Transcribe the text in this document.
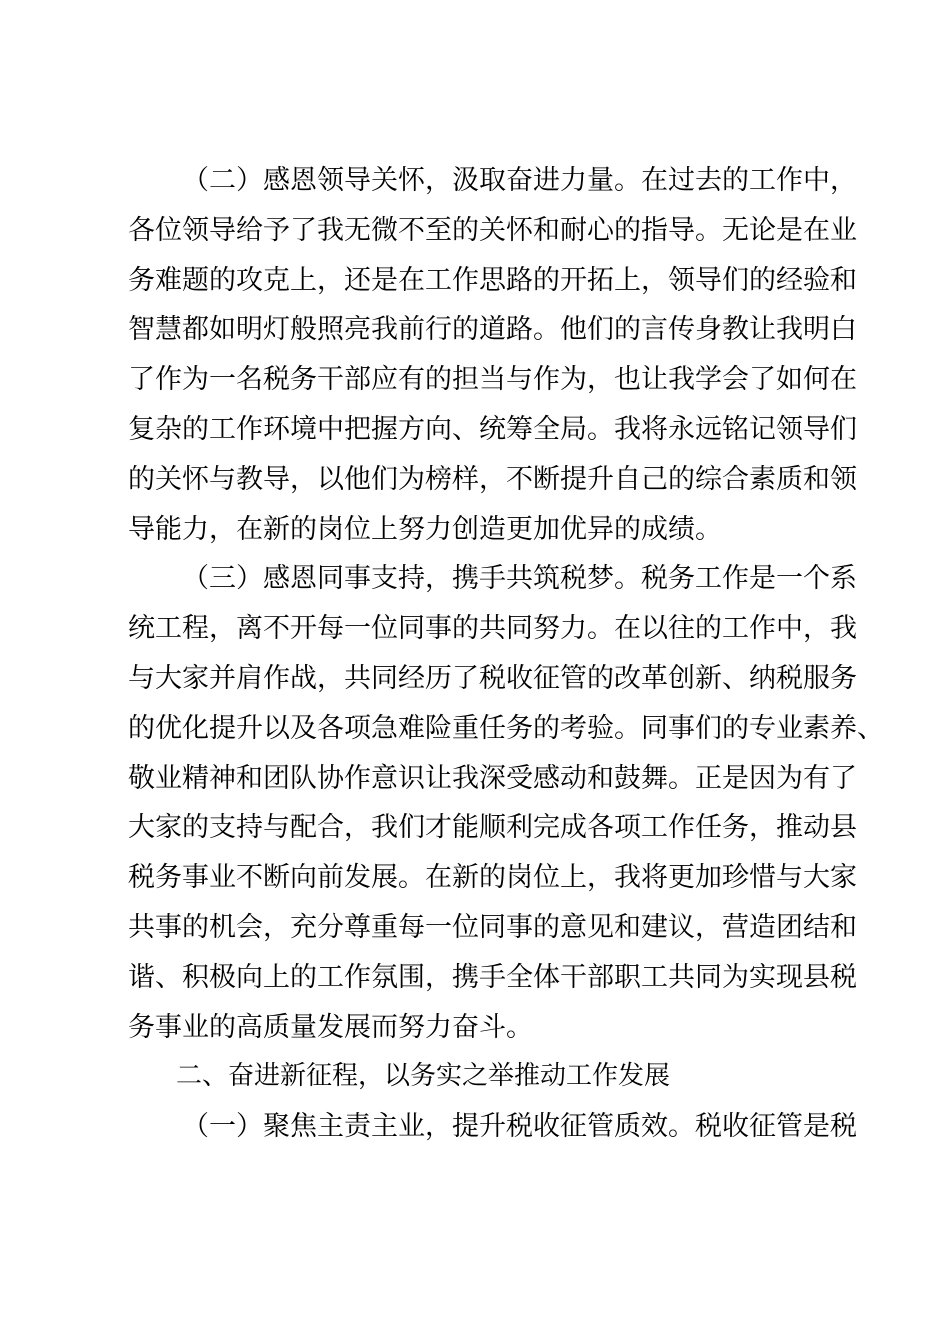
（二）感恩领导关怀，汲取奋进力量。在过去的工作中，
各位领导给予了我无微不至的关怀和耐心的指导。无论是在业
务难题的攻克上，还是在工作思路的开拓上，领导们的经验和
智慧都如明灯般照亮我前行的道路。他们的言传身教让我明白
了作为一名税务干部应有的担当与作为，也让我学会了如何在
复杂的工作环境中把握方向、统筹全局。我将永远铭记领导们
的关怀与教导，以他们为榜样，不断提升自己的综合素质和领
导能力，在新的岗位上努力创造更加优异的成绩。
（三）感恩同事支持，携手共筑税梦。税务工作是一个系
统工程，离不开每一位同事的共同努力。在以往的工作中，我
与大家并肩作战，共同经历了税收征管的改革创新、纳税服务
的优化提升以及各项急难险重任务的考验。同事们的专业素养、
敬业精神和团队协作意识让我深受感动和鼓舞。正是因为有了
大家的支持与配合，我们才能顺利完成各项工作任务，推动县
税务事业不断向前发展。在新的岗位上，我将更加珍惜与大家
共事的机会，充分尊重每一位同事的意见和建议，营造团结和
谐、积极向上的工作氛围，携手全体干部职工共同为实现县税
务事业的高质量发展而努力奋斗。
二、奋进新征程，以务实之举推动工作发展
（一）聚焦主责主业，提升税收征管质效。税收征管是税
